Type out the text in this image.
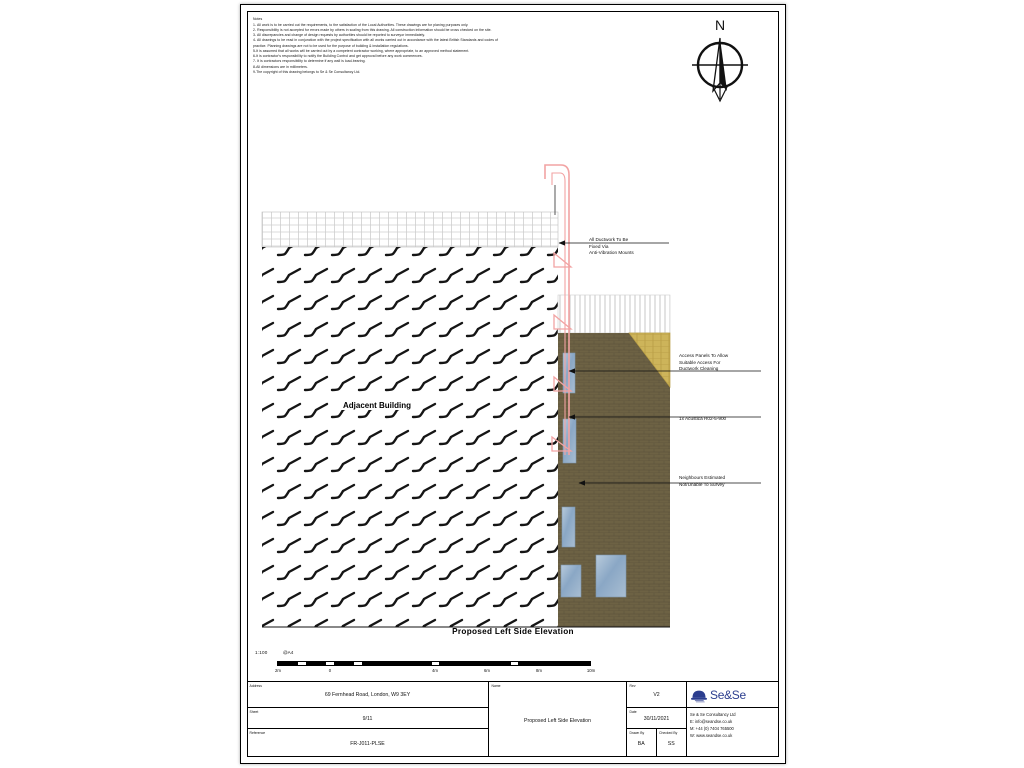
Notes

1- All work is to be carried out the requirements, to the satisfaction of the Local Authorities. These drawings are for planing purposes only.

2- Responsibility is not accepted for errors made by others in scaling from this drawing. All construction information should be cross checked on the site.

3- All discrepancies and change of design requests by authorities should be reported to surveyor immediately.

4- All drawings to be read in conjunction with the project specification with all works carried out in accordance with the latest British Standards and codes of practice. Planning drawings are not to be used for the purpose of building & installation regulations.

5-It is assumed that all works will be carried out by a competent contractor working, where appropriate, to an approved method statement.

6-It is contractor's responsibility to notify the Building Control and get approval before any work commences.

7- It is contractors responsibility to determine if any wall is load-bearing.

8-All dimensions are in millimeters.

9-The copyright of this drawing belongs to Se & Se Consultancy Ltd.

N
All Ductwork To Be
Fixed Via
Anti-Vibration Mounts
Access Panels To Allow
Suitable Access For
Ductwork Cleaning
1x Acustica R02-5-900
Neighbours Estimated
Not/Unable To Survey
Adjacent Building
Proposed Left Side Elevation
1:100	@A4
2m	0	4m	6m	8m	10m
Address
69 Fernhead Road, London, W9 3EY
Sheet
9/11
Reference
FR-J011-PLSE
Name
Proposed Left Side Elevation
Rev
V2
Date
30/11/2021
Drawn By
BA
Checked By
SS
Se&Se
Se & Se Consultancy Ltd
E: info@seandse.co.uk
M: +44 (0) 7404 765500
W: www.seandse.co.uk
